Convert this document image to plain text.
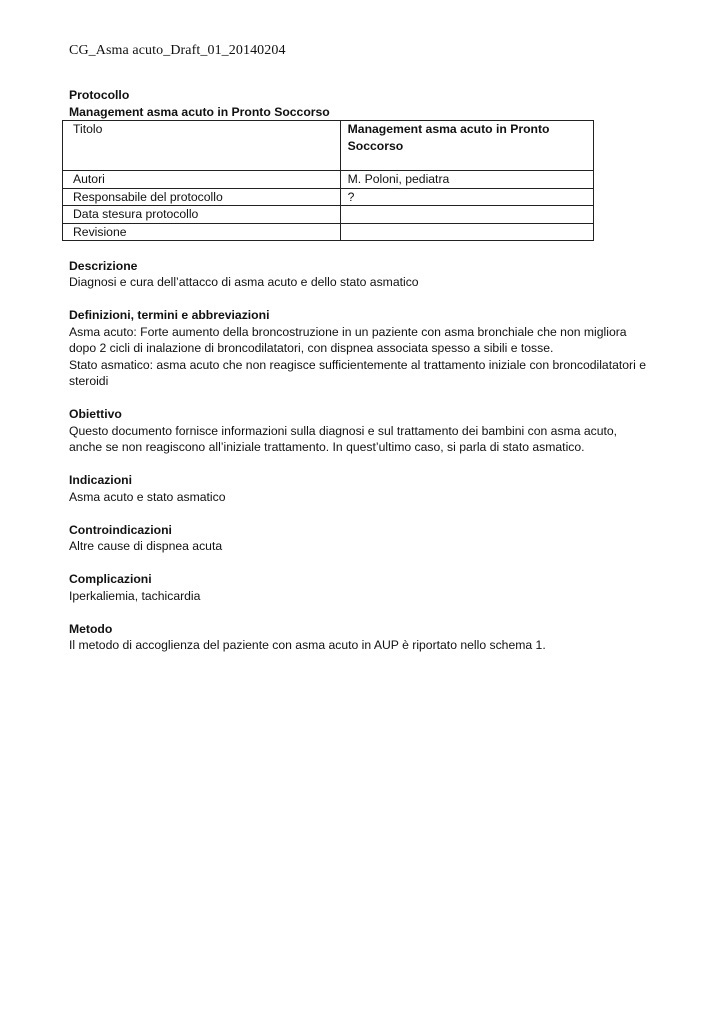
CG_Asma acuto_Draft_01_20140204
Protocollo
Management asma acuto in Pronto Soccorso
Titolo	Management asma acuto in Pronto Soccorso
Autori	M. Poloni, pediatra
Responsabile del protocollo	?
Data stesura protocollo	
Revisione	

Descrizione

Diagnosi e cura dell’attacco di asma acuto e dello stato asmatico

Definizioni, termini e abbreviazioni

Asma acuto: Forte aumento della broncostruzione in un paziente con asma bronchiale che non migliora

dopo 2 cicli di inalazione di broncodilatatori, con dispnea associata spesso a sibili e tosse.

Stato asmatico: asma acuto che non reagisce sufficientemente al trattamento iniziale con broncodilatatori e

steroidi

Obiettivo

Questo documento fornisce informazioni sulla diagnosi e sul trattamento dei bambini con asma acuto,

anche se non reagiscono all’iniziale trattamento. In quest’ultimo caso, si parla di stato asmatico.

Indicazioni

Asma acuto e stato asmatico

Controindicazioni

Altre cause di dispnea acuta

Complicazioni

Iperkaliemia, tachicardia

Metodo

Il metodo di accoglienza del paziente con asma acuto in AUP è riportato nello schema 1.
